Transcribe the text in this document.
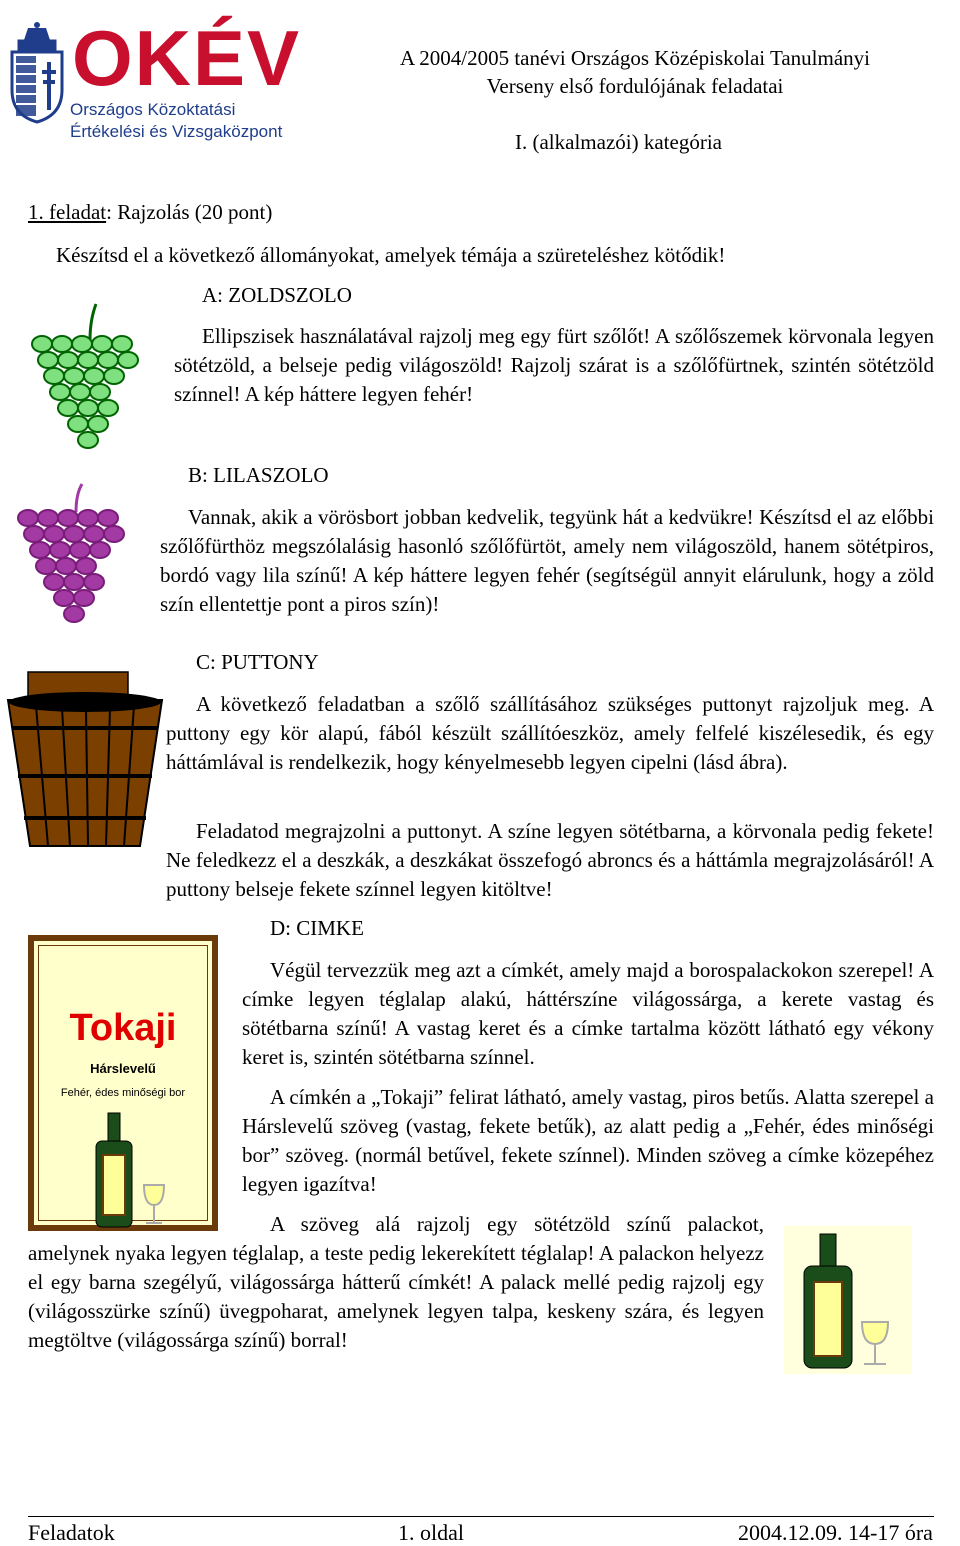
OKÉV
Országos Közoktatási
Értékelési és Vizsgaközpont
A 2004/2005 tanévi Országos Középiskolai Tanulmányi
Verseny első fordulójának feladatai
I. (alkalmazói) kategória
1. feladat: Rajzolás (20 pont)
Készítsd el a következő állományokat, amelyek témája a szüreteléshez kötődik!
A: ZOLDSZOLO
Ellipszisek használatával rajzolj meg egy fürt szőlőt! A szőlőszemek körvonala legyen sötétzöld, a belseje pedig világoszöld! Rajzolj szárat is a szőlőfürtnek, szintén sötétzöld színnel! A kép háttere legyen fehér!
B: LILASZOLO
Vannak, akik a vörösbort jobban kedvelik, tegyünk hát a kedvükre! Készítsd el az előbbi szőlőfürthöz megszólalásig hasonló szőlőfürtöt, amely nem világoszöld, hanem sötétpiros, bordó vagy lila színű! A kép háttere legyen fehér (segítségül annyit elárulunk, hogy a zöld szín ellentettje pont a piros szín)!
C: PUTTONY
A következő feladatban a szőlő szállításához szükséges puttonyt rajzoljuk meg. A puttony egy kör alapú, fából készült szállítóeszköz, amely felfelé kiszélesedik, és egy háttámlával is rendelkezik, hogy kényelmesebb legyen cipelni (lásd ábra).
Feladatod megrajzolni a puttonyt. A színe legyen sötétbarna, a körvonala pedig fekete! Ne feledkezz el a deszkák, a deszkákat összefogó abroncs és a háttámla megrajzolásáról! A puttony belseje fekete színnel legyen kitöltve!
D: CIMKE
Tokaji
Hárslevelű
Fehér, édes minőségi bor
Végül tervezzük meg azt a címkét, amely majd a borospalackokon szerepel! A címke legyen téglalap alakú, háttérszíne világossárga, a kerete vastag és sötétbarna színű! A vastag keret és a címke tartalma között látható egy vékony keret is, szintén sötétbarna színnel.
A címkén a „Tokaji” felirat látható, amely vastag, piros betűs. Alatta szerepel a Hárslevelű szöveg (vastag, fekete betűk), az alatt pedig a „Fehér, édes minőségi bor” szöveg. (normál betűvel, fekete színnel). Minden szöveg a címke közepéhez legyen igazítva!
A szöveg alá rajzolj egy sötétzöld színű palackot, amelynek nyaka legyen téglalap, a teste pedig lekerekített téglalap! A palackon helyezz el egy barna szegélyű, világossárga hátterű címkét! A palack mellé pedig rajzolj egy (világosszürke színű) üvegpoharat, amelynek legyen talpa, keskeny szára, és legyen megtöltve (világossárga színű) borral!
Feladatok	1. oldal	2004.12.09. 14-17 óra
